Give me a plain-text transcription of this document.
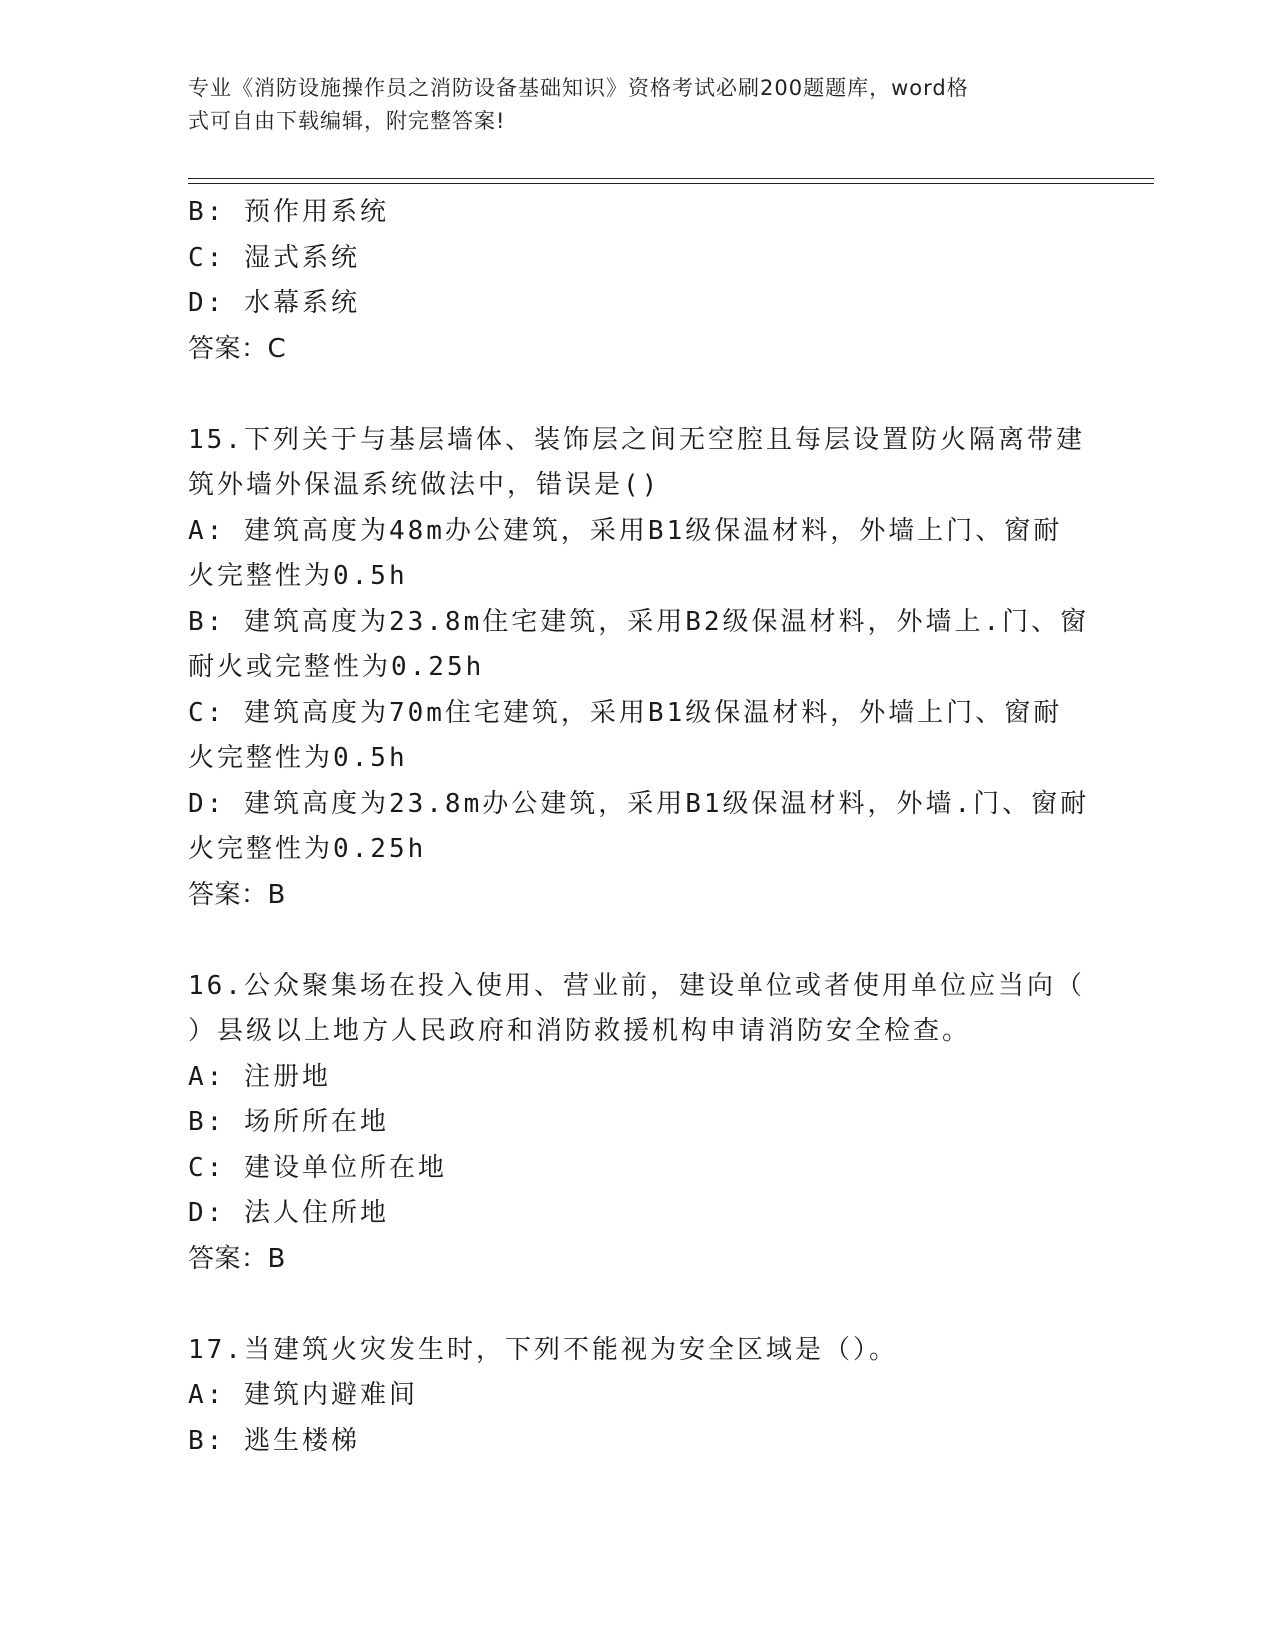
专业《消防设施操作员之消防设备基础知识》资格考试必刷200题题库，word格
式可自由下载编辑，附完整答案!
B: 预作用系统
C: 湿式系统
D: 水幕系统
答案：C
15.下列关于与基层墙体、装饰层之间无空腔且每层设置防火隔离带建
筑外墙外保温系统做法中，错误是()
A: 建筑高度为48m办公建筑，采用B1级保温材料，外墙上门、窗耐
火完整性为0.5h
B: 建筑高度为23.8m住宅建筑，采用B2级保温材料，外墙上.门、窗
耐火或完整性为0.25h
C: 建筑高度为70m住宅建筑，采用B1级保温材料，外墙上门、窗耐
火完整性为0.5h
D: 建筑高度为23.8m办公建筑，采用B1级保温材料，外墙.门、窗耐
火完整性为0.25h
答案：B
16.公众聚集场在投入使用、营业前，建设单位或者使用单位应当向（
）县级以上地方人民政府和消防救援机构申请消防安全检查。
A: 注册地
B: 场所所在地
C: 建设单位所在地
D: 法人住所地
答案：B
17.当建筑火灾发生时，下列不能视为安全区域是（）。
A: 建筑内避难间
B: 逃生楼梯
